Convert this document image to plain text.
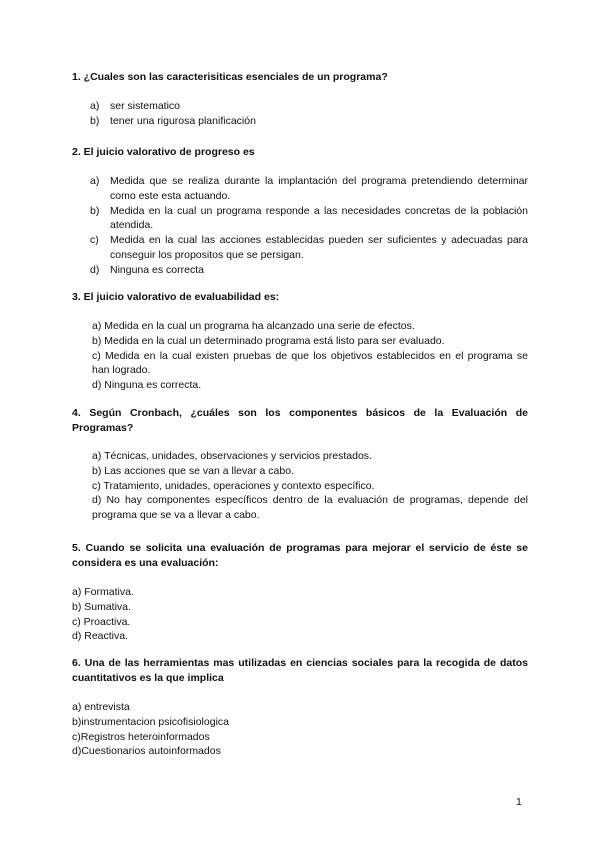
1. ¿Cuales son las caracterisiticas esenciales de un programa?

a) ser sistematico
b) tener una rigurosa planificación

2. El juicio valorativo de progreso es

a) Medida que se realiza durante la implantación del programa pretendiendo determinar como este esta actuando.
b) Medida en la cual un programa responde a las necesidades concretas de la población atendida.
c) Medida en la cual las acciones establecidas pueden ser suficientes y adecuadas para conseguir los propositos que se persigan.
d) Ninguna es correcta

3. El juicio valorativo de evaluabilidad es:

a) Medida en la cual un programa ha alcanzado una serie de efectos.
b) Medida en la cual un determinado programa está listo para ser evaluado.
c) Medida en la cual existen pruebas de que los objetivos establecidos en el programa se han logrado.
d) Ninguna es correcta.

4. Según Cronbach, ¿cuáles son los componentes básicos de la Evaluación de Programas?

a) Técnicas, unidades, observaciones y servicios prestados.
b) Las acciones que se van a llevar a cabo.
c) Tratamiento, unidades, operaciones y contexto específico.
d) No hay componentes específicos dentro de la evaluación de programas, depende del programa que se va a llevar a cabo.

5. Cuando se solicita una evaluación de programas para mejorar el servicio de éste se considera es una evaluación:

a) Formativa.
b) Sumativa.
c) Proactiva.
d) Reactiva.

6. Una de las herramientas mas utilizadas en ciencias sociales para la recogida de datos cuantitativos es la que implica

a) entrevista
b)instrumentacion psicofisiologica
c)Registros heteroinformados
d)Cuestionarios autoinformados
1
